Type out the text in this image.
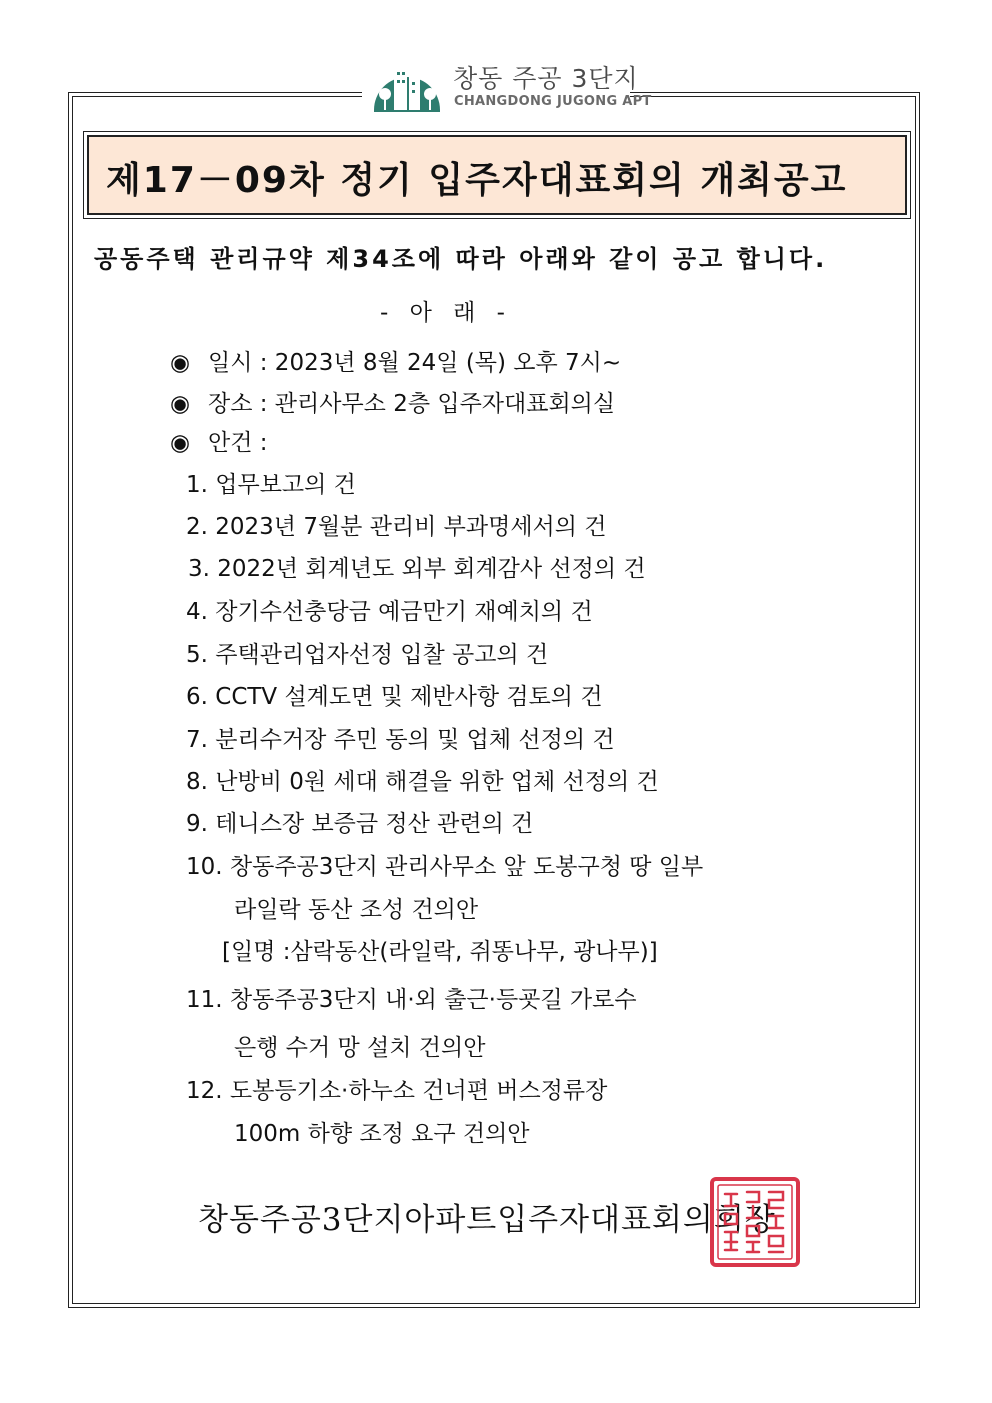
창동 주공 3단지
CHANGDONG JUGONG APT
제17－09차 정기 입주자대표회의 개최공고
공동주택 관리규약 제34조에 따라 아래와 같이 공고 합니다.
- 아 래 -
◉ 일시 : 2023년 8월 24일 (목) 오후 7시~
◉ 장소 : 관리사무소 2층 입주자대표회의실
◉ 안건 :
1. 업무보고의 건
2. 2023년 7월분 관리비 부과명세서의 건
3. 2022년 회계년도 외부 회계감사 선정의 건
4. 장기수선충당금 예금만기 재예치의 건
5. 주택관리업자선정 입찰 공고의 건
6. CCTV 설계도면 및 제반사항 검토의 건
7. 분리수거장 주민 동의 및 업체 선정의 건
8. 난방비 0원 세대 해결을 위한 업체 선정의 건
9. 테니스장 보증금 정산 관련의 건
10. 창동주공3단지 관리사무소 앞 도봉구청 땅 일부
라일락 동산 조성 건의안
[일명 :삼락동산(라일락, 쥐똥나무, 광나무)]
11. 창동주공3단지 내·외 출근·등굣길 가로수
은행 수거 망 설치 건의안
12. 도봉등기소·하누소 건너편 버스정류장
100m 하향 조정 요구 건의안
창동주공3단지아파트입주자대표회의회장
